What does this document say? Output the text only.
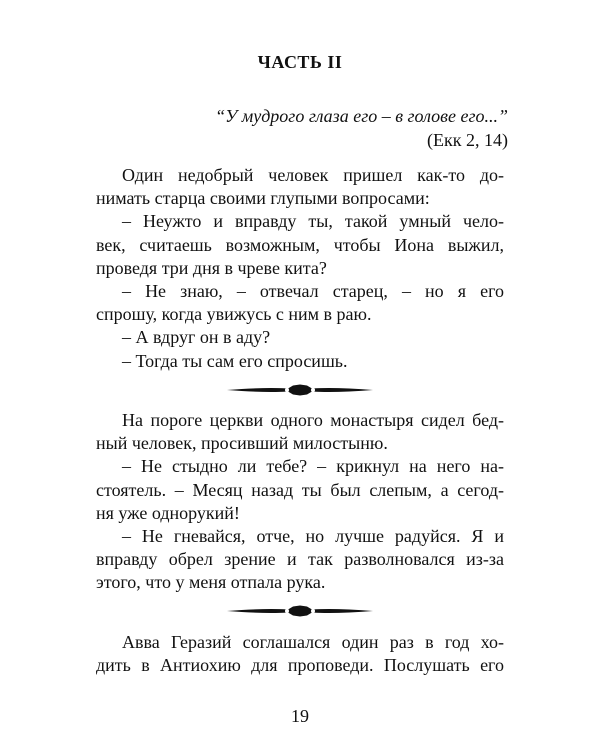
ЧАСТЬ II
“У мудрого глаза его – в голове его...”
(Екк 2, 14)
Один недобрый человек пришел как-то до-
нимать старца своими глупыми вопросами:
– Неужто и вправду ты, такой умный чело-
век, считаешь возможным, чтобы Иона выжил,
проведя три дня в чреве кита?
– Не знаю, – отвечал старец, – но я его
спрошу, когда увижусь с ним в раю.
– А вдруг он в аду?
– Тогда ты сам его спросишь.
На пороге церкви одного монастыря сидел бед-
ный человек, просивший милостыню.
– Не стыдно ли тебе? – крикнул на него на-
стоятель. – Месяц назад ты был слепым, а сегод-
ня уже однорукий!
– Не гневайся, отче, но лучше радуйся. Я и
вправду обрел зрение и так разволновался из-за
этого, что у меня отпала рука.
Авва Геразий соглашался один раз в год хо-
дить в Антиохию для проповеди. Послушать его
19
